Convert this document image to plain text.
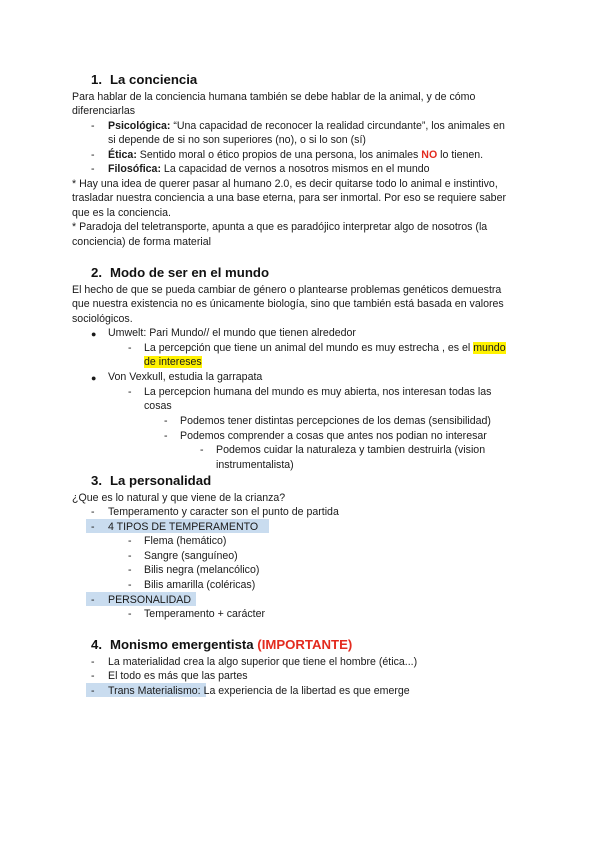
1. La conciencia
Para hablar de la conciencia humana también se debe hablar de la animal, y de cómo
diferenciarlas
- Psicológica: “Una capacidad de reconocer la realidad circundante”, los animales en
si depende de si no son superiores (no), o si lo son (sí)
- Ética: Sentido moral o ético propios de una persona, los animales NO lo tienen.
- Filosófica: La capacidad de vernos a nosotros mismos en el mundo
* Hay una idea de querer pasar al humano 2.0, es decir quitarse todo lo animal e instintivo,
trasladar nuestra conciencia a una base eterna, para ser inmortal. Por eso se requiere saber
que es la conciencia.
* Paradoja del teletransporte, apunta a que es paradójico interpretar algo de nosotros (la
conciencia) de forma material
2. Modo de ser en el mundo
El hecho de que se pueda cambiar de género o plantearse problemas genéticos demuestra
que nuestra existencia no es únicamente biología, sino que también está basada en valores
sociológicos.
● Umwelt: Pari Mundo// el mundo que tienen alrededor
- La percepción que tiene un animal del mundo es muy estrecha , es el mundo
de intereses
● Von Vexkull, estudia la garrapata
- La percepcion humana del mundo es muy abierta, nos interesan todas las
cosas
- Podemos tener distintas percepciones de los demas (sensibilidad)
- Podemos comprender a cosas que antes nos podian no interesar
- Podemos cuidar la naturaleza y tambien destruirla (vision
instrumentalista)
3. La personalidad
¿Que es lo natural y que viene de la crianza?
- Temperamento y caracter son el punto de partida
- 4 TIPOS DE TEMPERAMENTO
- Flema (hemático)
- Sangre (sanguíneo)
- Bilis negra (melancólico)
- Bilis amarilla (coléricas)
- PERSONALIDAD
- Temperamento + carácter
4. Monismo emergentista (IMPORTANTE)
- La materialidad crea la algo superior que tiene el hombre (ética...)
- El todo es más que las partes
- Trans Materialismo: La experiencia de la libertad es que emerge
